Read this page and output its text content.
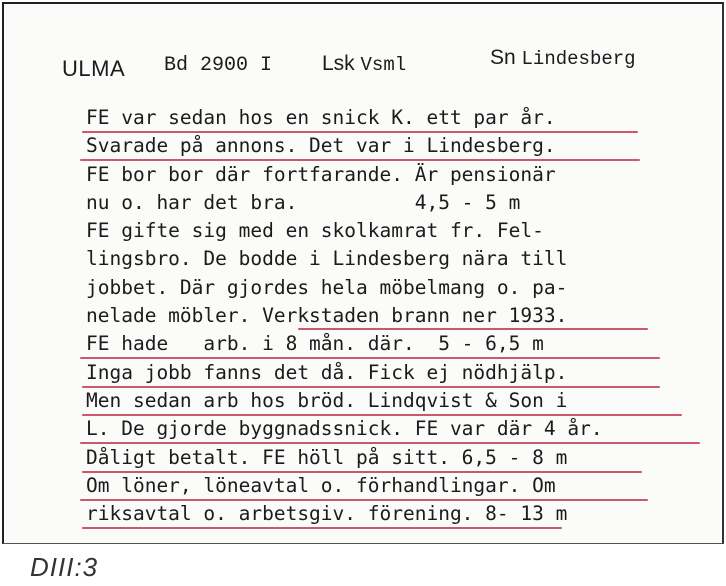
ULMA Bd 2900 I Lsk Vsml	Sn Lindesberg
FE var sedan hos en snick K. ett par år.
Svarade på annons. Det var i Lindesberg.
FE bor bor där fortfarande. Är pensionär
nu o. har det bra.          4,5 - 5 m
FE gifte sig med en skolkamrat fr. Fel-
lingsbro. De bodde i Lindesberg nära till
jobbet. Där gjordes hela möbelmang o. pa-
nelade möbler. Verkstaden brann ner 1933.
FE hade   arb. i 8 mån. där.  5 - 6,5 m
Inga jobb fanns det då. Fick ej nödhjälp.
Men sedan arb hos bröd. Lindqvist & Son i
L. De gjorde byggnadssnick. FE var där 4 år.
Dåligt betalt. FE höll på sitt. 6,5 - 8 m
Om löner, löneavtal o. förhandlingar. Om
riksavtal o. arbetsgiv. förening. 8- 13 m
DIII:3
